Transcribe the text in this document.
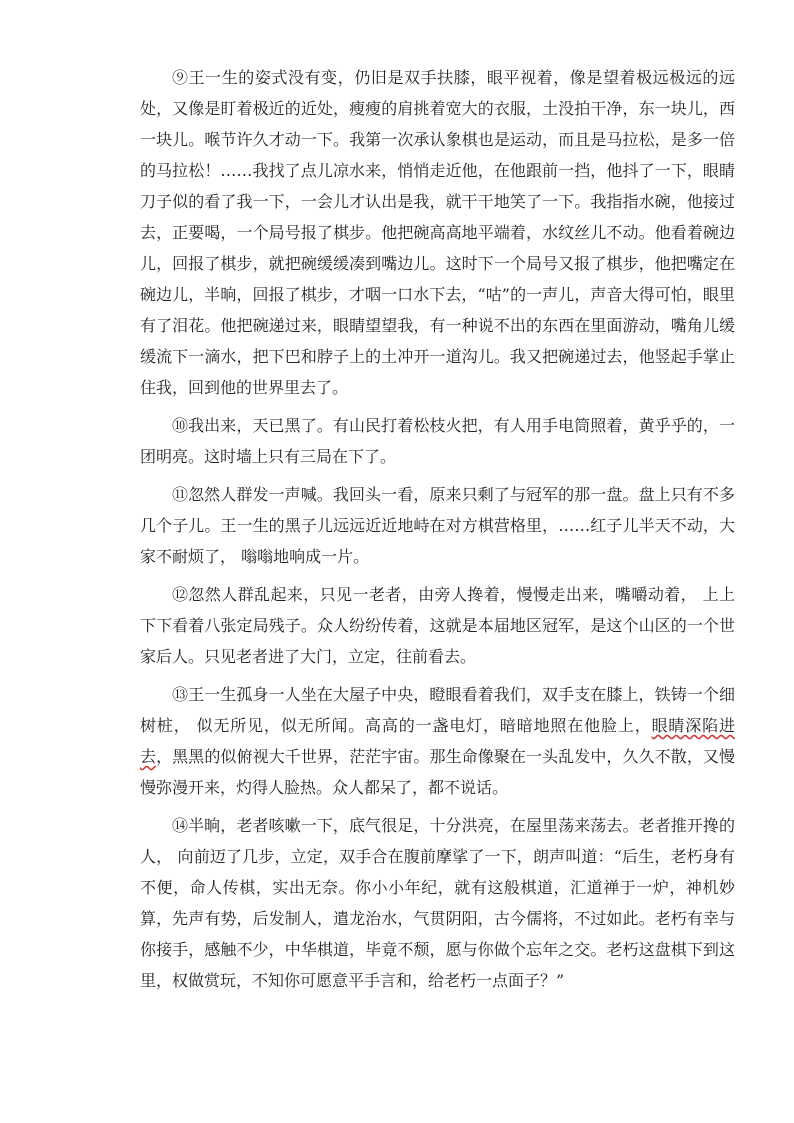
⑨王一生的姿式没有变，仍旧是双手扶膝，眼平视着，像是望着极远极远的远处，又像是盯着极近的近处，瘦瘦的肩挑着宽大的衣服，土没拍干净，东一块儿，西一块儿。喉节许久才动一下。我第一次承认象棋也是运动，而且是马拉松，是多一倍的马拉松！……我找了点儿凉水来，悄悄走近他，在他跟前一挡，他抖了一下，眼睛刀子似的看了我一下，一会儿才认出是我，就干干地笑了一下。我指指水碗，他接过去，正要喝，一个局号报了棋步。他把碗高高地平端着，水纹丝儿不动。他看着碗边儿，回报了棋步，就把碗缓缓凑到嘴边儿。这时下一个局号又报了棋步，他把嘴定在碗边儿，半晌，回报了棋步，才咽一口水下去，“咕”的一声儿，声音大得可怕，眼里有了泪花。他把碗递过来，眼睛望望我，有一种说不出的东西在里面游动，嘴角儿缓缓流下一滴水，把下巴和脖子上的土冲开一道沟儿。我又把碗递过去，他竖起手掌止住我，回到他的世界里去了。

⑩我出来，天已黑了。有山民打着松枝火把，有人用手电筒照着，黄乎乎的，一团明亮。这时墙上只有三局在下了。

⑪忽然人群发一声喊。我回头一看，原来只剩了与冠军的那一盘。盘上只有不多几个子儿。王一生的黑子儿远远近近地峙在对方棋营格里，……红子儿半天不动，大家不耐烦了， 嗡嗡地响成一片。

⑫忽然人群乱起来，只见一老者，由旁人搀着，慢慢走出来，嘴嚼动着， 上上下下看着八张定局残子。众人纷纷传着，这就是本届地区冠军，是这个山区的一个世家后人。只见老者进了大门，立定，往前看去。

⑬王一生孤身一人坐在大屋子中央，瞪眼看着我们，双手支在膝上，铁铸一个细树桩， 似无所见，似无所闻。高高的一盏电灯，暗暗地照在他脸上，眼睛深陷进去，黑黑的似俯视大千世界，茫茫宇宙。那生命像聚在一头乱发中，久久不散，又慢慢弥漫开来，灼得人脸热。众人都呆了，都不说话。

⑭半晌，老者咳嗽一下，底气很足，十分洪亮，在屋里荡来荡去。老者推开搀的人， 向前迈了几步，立定，双手合在腹前摩挲了一下，朗声叫道：“后生，老朽身有不便，命人传棋，实出无奈。你小小年纪，就有这般棋道，汇道禅于一炉，神机妙算，先声有势，后发制人，遣龙治水，气贯阴阳，古今儒将，不过如此。老朽有幸与你接手，感触不少，中华棋道，毕竟不颓，愿与你做个忘年之交。老朽这盘棋下到这里，权做赏玩，不知你可愿意平手言和，给老朽一点面子？”
